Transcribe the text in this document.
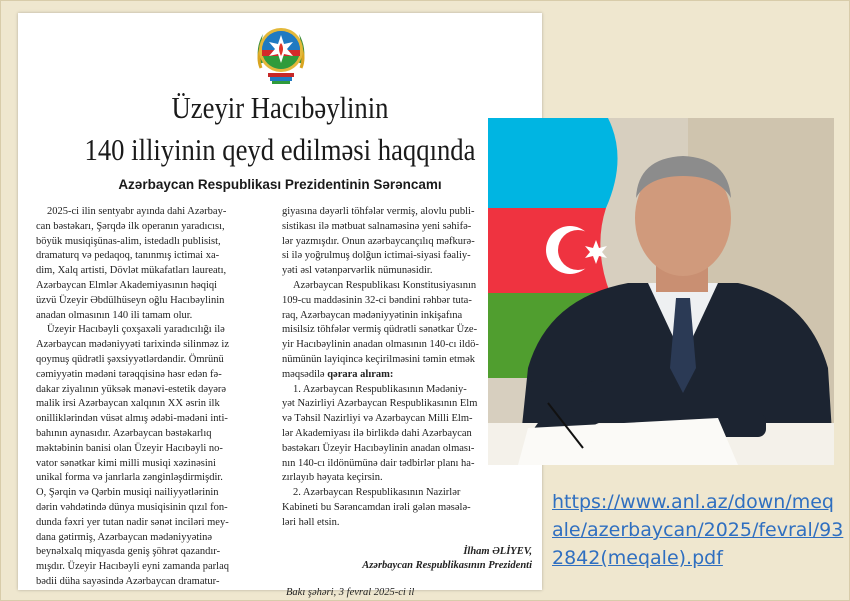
Üzeyir Hacıbəylinin
140 illiyinin qeyd edilməsi haqqında
Azərbaycan Respublikası Prezidentinin Sərəncamı
2025-ci ilin sentyabr ayında dahi Azərbay-
can bəstəkarı, Şərqdə ilk operanın yaradıcısı,
böyük musiqişünas-alim, istedadlı publisist,
dramaturq və pedaqoq, tanınmış ictimai xa-
dim, Xalq artisti, Dövlət mükafatları laureatı,
Azərbaycan Elmlər Akademiyasının həqiqi
üzvü Üzeyir Əbdülhüseyn oğlu Hacıbəylinin
anadan olmasının 140 ili tamam olur.
Üzeyir Hacıbəyli çoxşaxəli yaradıcılığı ilə
Azərbaycan mədəniyyəti tarixində silinməz iz
qoymuş qüdrətli şəxsiyyətlərdəndir. Ömrünü
cəmiyyətin mədəni tərəqqisinə həsr edən fə-
dakar ziyalının yüksək mənəvi-estetik dəyərə
malik irsi Azərbaycan xalqının XX əsrin ilk
onilliklərindən vüsət almış ədəbi-mədəni inti-
bahının aynasıdır. Azərbaycan bəstəkarlıq
məktəbinin banisi olan Üzeyir Hacıbəyli no-
vator sənətkar kimi milli musiqi xəzinəsini
unikal forma və janrlarla zənginləşdirmişdir.
O, Şərqin və Qərbin musiqi nailiyyətlərinin
dərin vəhdətində dünya musiqisinin qızıl fon-
dunda fəxri yer tutan nadir sənət inciləri mey-
dana gətirmiş, Azərbaycan mədəniyyətinə
beynəlxalq miqyasda geniş şöhrət qazandır-
mışdır. Üzeyir Hacıbəyli eyni zamanda parlaq
bədii düha sayəsində Azərbaycan dramatur-
giyasına dəyərli töhfələr vermiş, alovlu publi-
sistikası ilə mətbuat salnaməsinə yeni səhifə-
lər yazmışdır. Onun azərbaycançılıq məfkurə-
si ilə yoğrulmuş dolğun ictimai-siyasi fəaliy-
yəti əsl vətənpərvərlik nümunəsidir.
Azərbaycan Respublikası Konstitusiyasının
109-cu maddəsinin 32-ci bəndini rəhbər tuta-
raq, Azərbaycan mədəniyyətinin inkişafına
misilsiz töhfələr vermiş qüdrətli sənətkar Üze-
yir Hacıbəylinin anadan olmasının 140-cı ildö-
nümünün layiqincə keçirilməsini təmin etmək
məqsədilə qərara alıram:
1. Azərbaycan Respublikasının Mədəniy-
yət Nazirliyi Azərbaycan Respublikasının Elm
və Təhsil Nazirliyi və Azərbaycan Milli Elm-
lər Akademiyası ilə birlikdə dahi Azərbaycan
bəstəkarı Üzeyir Hacıbəylinin anadan olması-
nın 140-cı ildönümünə dair tədbirlər planı ha-
zırlayıb həyata keçirsin.
2. Azərbaycan Respublikasının Nazirlər
Kabineti bu Sərəncamdan irəli gələn məsələ-
ləri həll etsin.
İlham ƏLİYEV,
Azərbaycan Respublikasının Prezidenti
Bakı şəhəri, 3 fevral 2025-ci il
https://www.anl.az/down/meq
ale/azerbaycan/2025/fevral/93
2842(meqale).pdf
